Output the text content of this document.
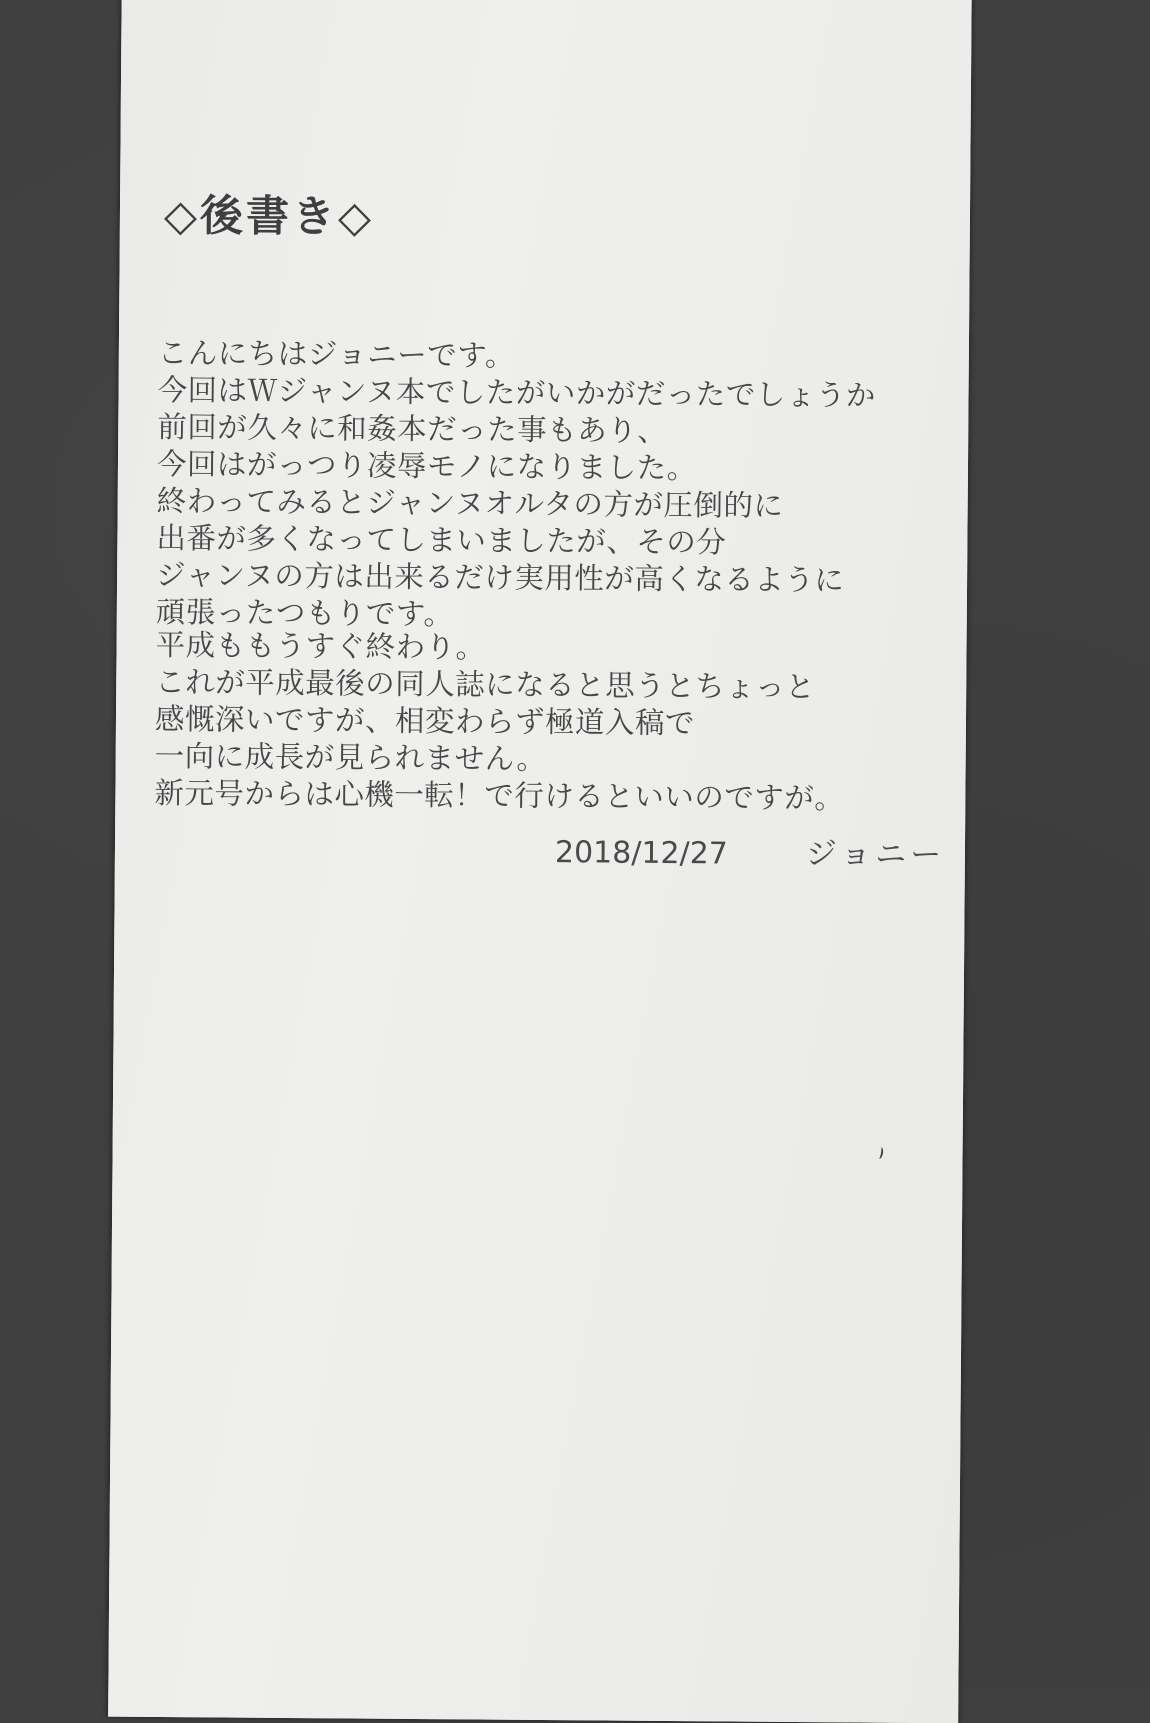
◇後書き◇
こんにちはジョニーです。
今回はＷジャンヌ本でしたがいかがだったでしょうか
前回が久々に和姦本だった事もあり、
今回はがっつり凌辱モノになりました。
終わってみるとジャンヌオルタの方が圧倒的に
出番が多くなってしまいましたが、その分
ジャンヌの方は出来るだけ実用性が高くなるように
頑張ったつもりです。
平成ももうすぐ終わり。
これが平成最後の同人誌になると思うとちょっと
感慨深いですが、相変わらず極道入稿で
一向に成長が見られません。
新元号からは心機一転！で行けるといいのですが。
2018/12/27	ジョニー
